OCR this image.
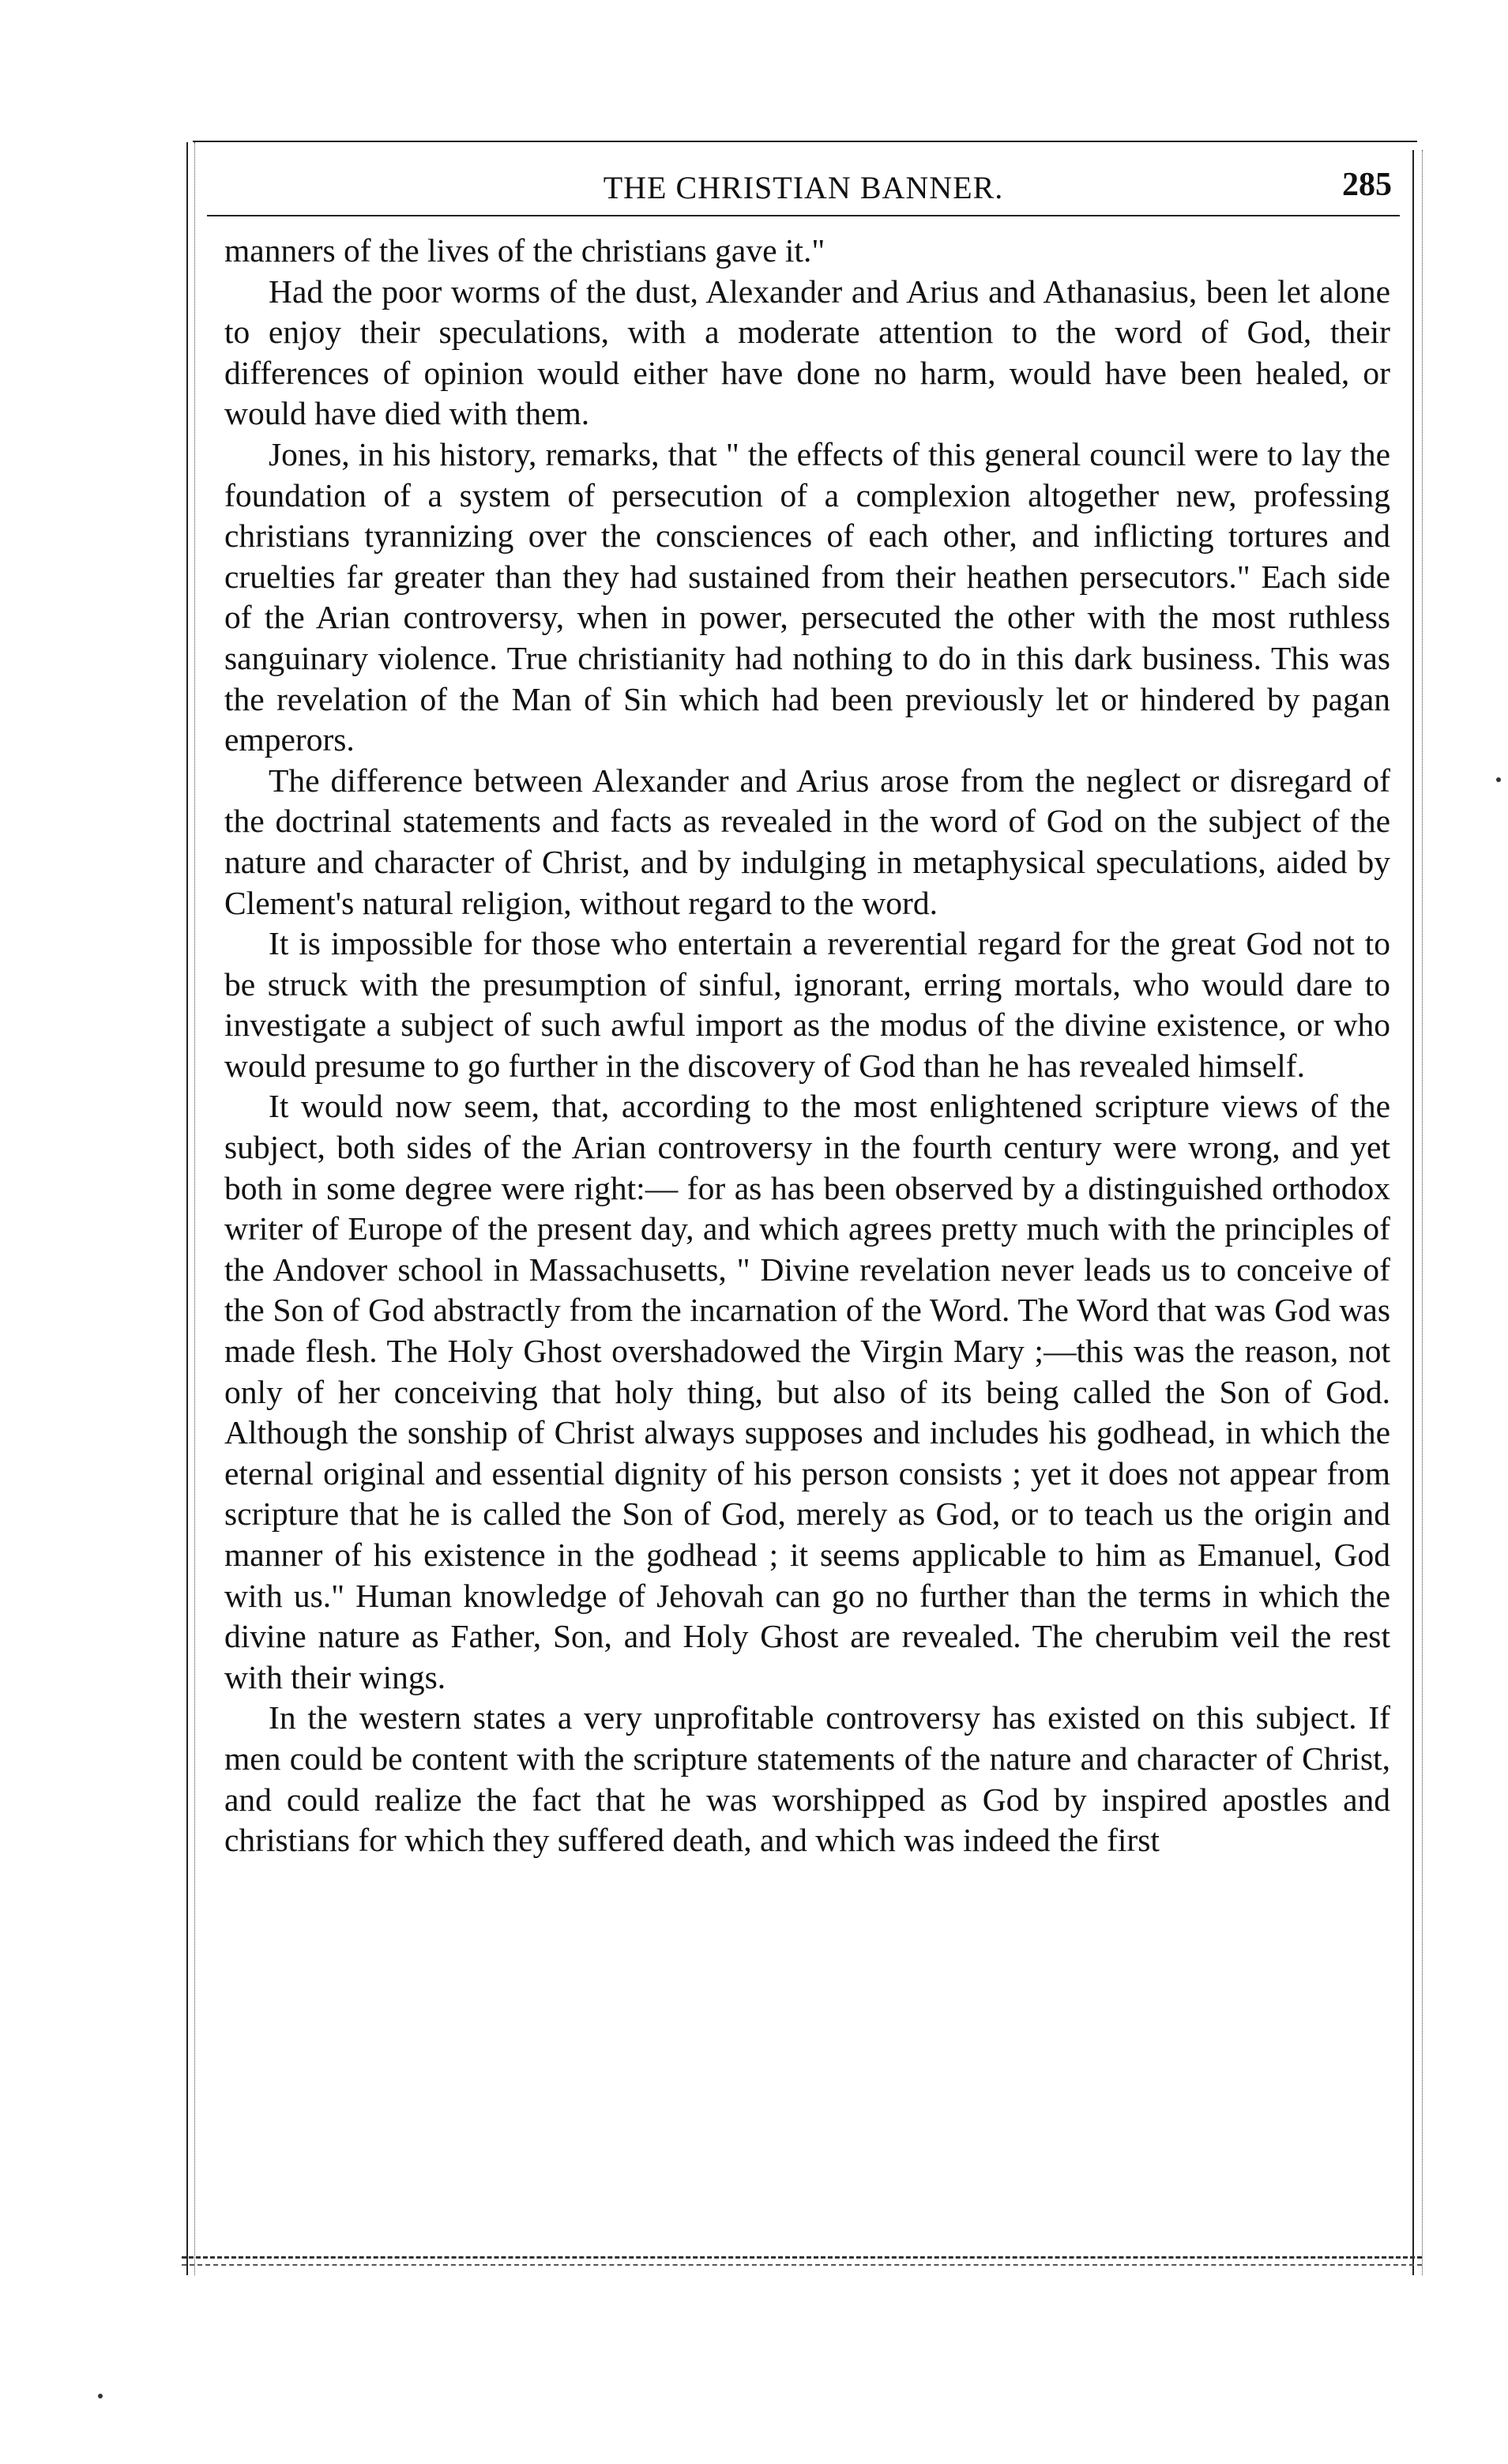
THE CHRISTIAN BANNER.	285

manners of the lives of the christians gave it."

Had the poor worms of the dust, Alexander and Arius and Athanasius, been let alone to enjoy their speculations, with a moderate attention to the word of God, their differences of opinion would either have done no harm, would have been healed, or would have died with them.

Jones, in his history, remarks, that " the effects of this general council were to lay the foundation of a system of persecution of a complexion altogether new, professing christians tyrannizing over the consciences of each other, and inflicting tortures and cruelties far greater than they had sustained from their heathen persecutors." Each side of the Arian controversy, when in power, persecuted the other with the most ruthless sanguinary violence. True christianity had nothing to do in this dark business. This was the revelation of the Man of Sin which had been previously let or hindered by pagan emperors.

The difference between Alexander and Arius arose from the neglect or disregard of the doctrinal statements and facts as revealed in the word of God on the subject of the nature and character of Christ, and by indulging in metaphysical speculations, aided by Clement's natural religion, without regard to the word.

It is impossible for those who entertain a reverential regard for the great God not to be struck with the presumption of sinful, ignorant, erring mortals, who would dare to investigate a subject of such awful import as the modus of the divine existence, or who would presume to go further in the discovery of God than he has revealed himself.

It would now seem, that, according to the most enlightened scripture views of the subject, both sides of the Arian controversy in the fourth century were wrong, and yet both in some degree were right:— for as has been observed by a distinguished orthodox writer of Europe of the present day, and which agrees pretty much with the principles of the Andover school in Massachusetts, " Divine revelation never leads us to conceive of the Son of God abstractly from the incarnation of the Word. The Word that was God was made flesh. The Holy Ghost overshadowed the Virgin Mary ;—this was the reason, not only of her conceiving that holy thing, but also of its being called the Son of God. Although the sonship of Christ always supposes and includes his godhead, in which the eternal original and essential dignity of his person consists ; yet it does not appear from scripture that he is called the Son of God, merely as God, or to teach us the origin and manner of his existence in the godhead ; it seems applicable to him as Emanuel, God with us." Human knowledge of Jehovah can go no further than the terms in which the divine nature as Father, Son, and Holy Ghost are revealed. The cherubim veil the rest with their wings.

In the western states a very unprofitable controversy has existed on this subject. If men could be content with the scripture statements of the nature and character of Christ, and could realize the fact that he was worshipped as God by inspired apostles and christians for which they suffered death, and which was indeed the first
